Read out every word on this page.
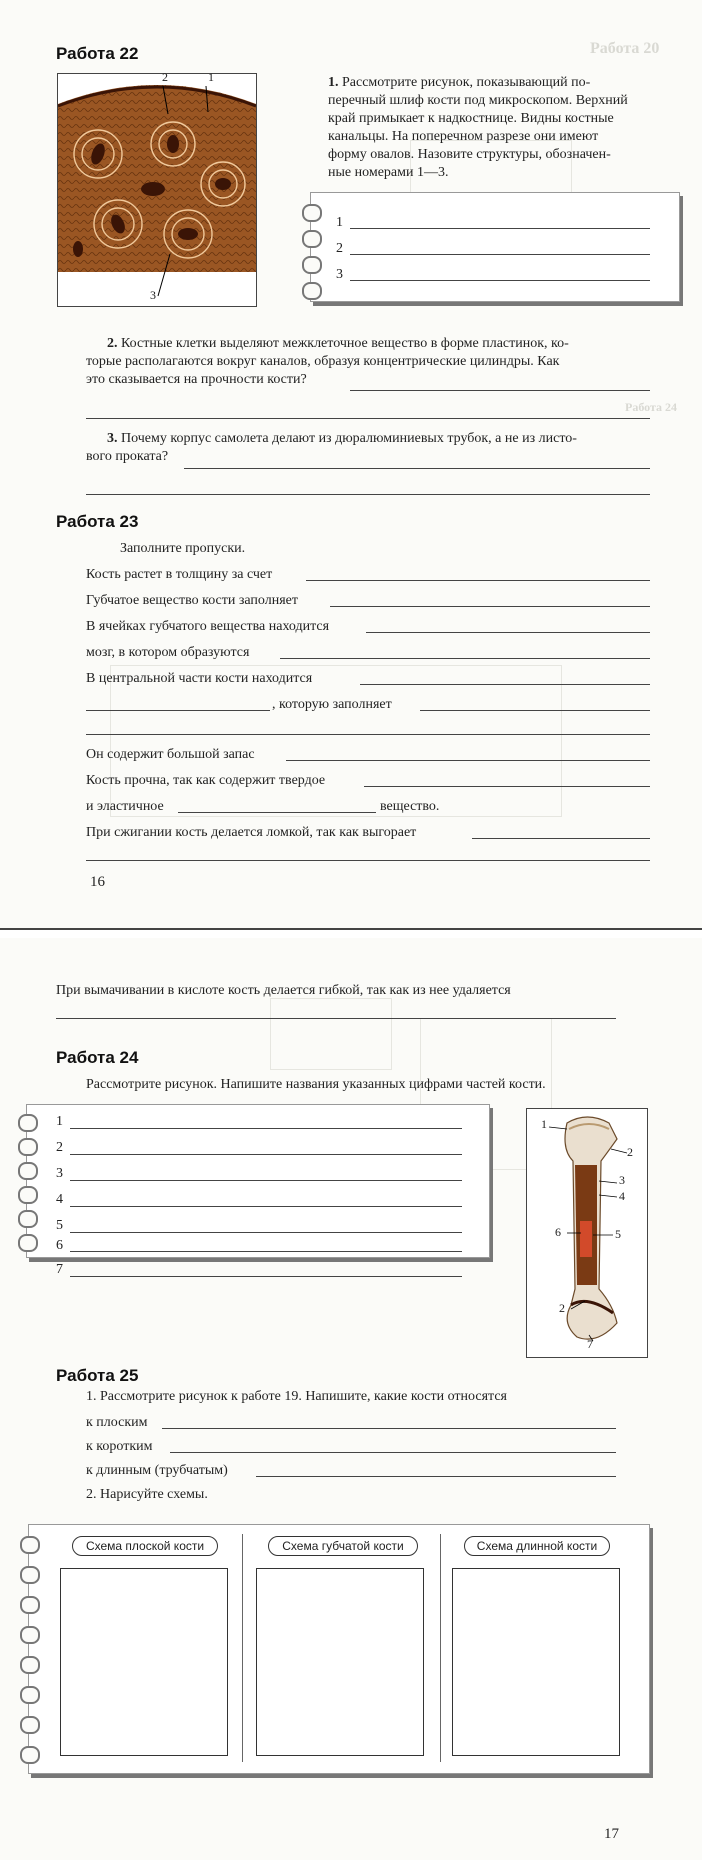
Работа 20
Работа 24
Работа 22
2	1
3
1. Рассмотрите рисунок, показывающий по-
перечный шлиф кости под микроскопом. Верхний
край примыкает к надкостнице. Видны костные
канальцы. На поперечном разрезе они имеют
форму овалов. Назовите структуры, обозначен-
ные номерами 1—3.
1
2
3
2. Костные клетки выделяют межклеточное вещество в форме пластинок, ко-
торые располагаются вокруг каналов, образуя концентрические цилиндры. Как
это сказывается на прочности кости?
3. Почему корпус самолета делают из дюралюминиевых трубок, а не из листо-
вого проката?
Работа 23
Заполните пропуски.
Кость растет в толщину за счет
Губчатое вещество кости заполняет
В ячейках губчатого вещества находится
мозг, в котором образуются
В центральной части кости находится
, которую заполняет
Он содержит большой запас
Кость прочна, так как содержит твердое
и эластичное	вещество.
При сжигании кость делается ломкой, так как выгорает
16
При вымачивании в кислоте кость делается гибкой, так как из нее удаляется
Работа 24
Рассмотрите рисунок. Напишите названия указанных цифрами частей кости.
1
2
3
4
5
6
7
1
2
3
4
6	5
2
7
Работа 25
1. Рассмотрите рисунок к работе 19. Напишите, какие кости относятся
к плоским
к коротким
к длинным (трубчатым)
2. Нарисуйте схемы.
Схема плоской кости	Схема губчатой кости	Схема длинной кости
17
